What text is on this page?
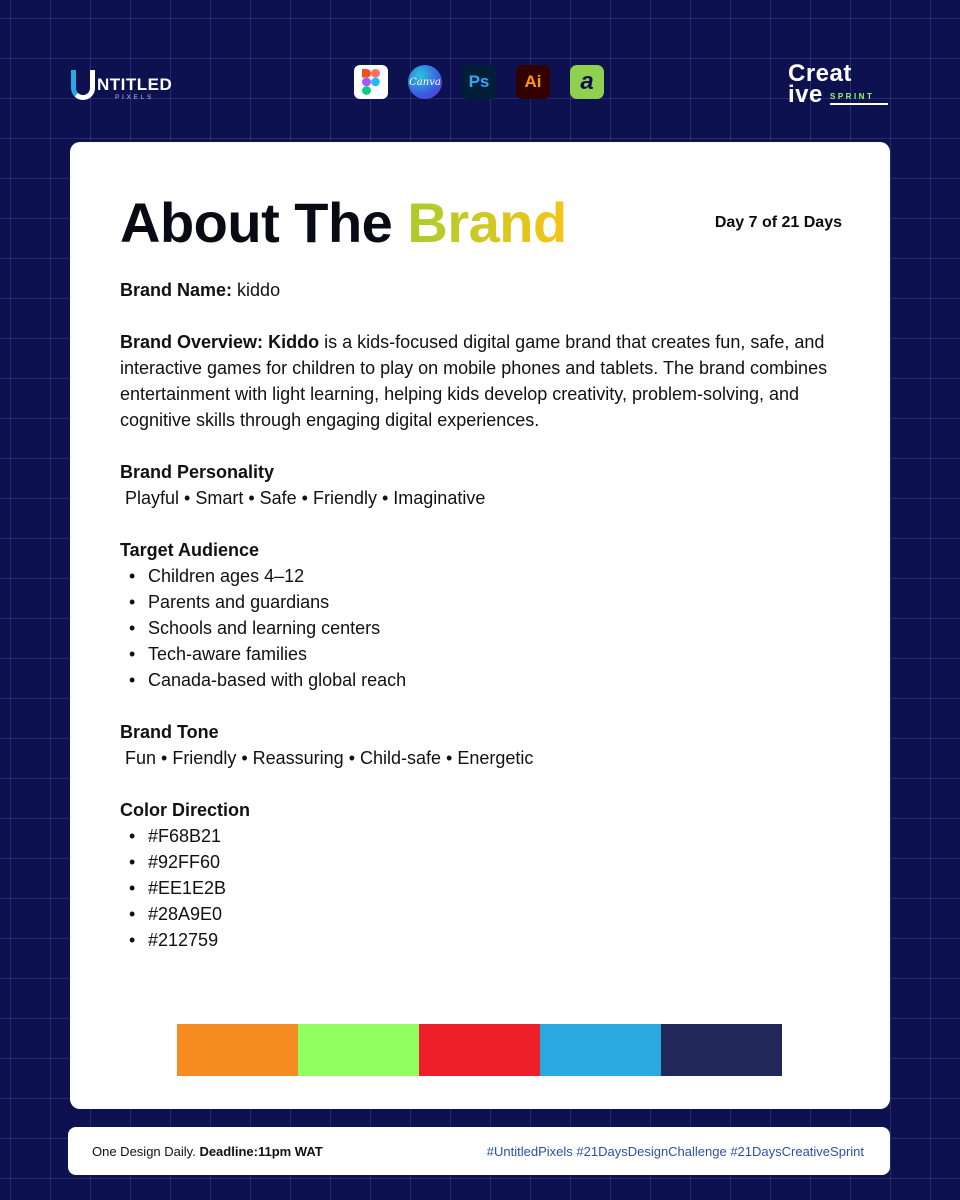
NTITLED
PIXELS
Canva	Ps	Ai	a	Creat
ive SPRINT
About The Brand	Day 7 of 21 Days

Brand Name: kiddo

Brand Overview: Kiddo is a kids-focused digital game brand that creates fun, safe, and interactive games for children to play on mobile phones and tablets. The brand combines entertainment with light learning, helping kids develop creativity, problem-solving, and cognitive skills through engaging digital experiences.

Brand Personality

Playful • Smart • Safe • Friendly • Imaginative

Target Audience

• Children ages 4–12
• Parents and guardians
• Schools and learning centers
• Tech-aware families
• Canada-based with global reach

Brand Tone

Fun • Friendly • Reassuring • Child-safe • Energetic

Color Direction

• #F68B21
• #92FF60
• #EE1E2B
• #28A9E0
• #212759
One Design Daily. Deadline:11pm WAT	#UntitledPixels #21DaysDesignChallenge #21DaysCreativeSprint
